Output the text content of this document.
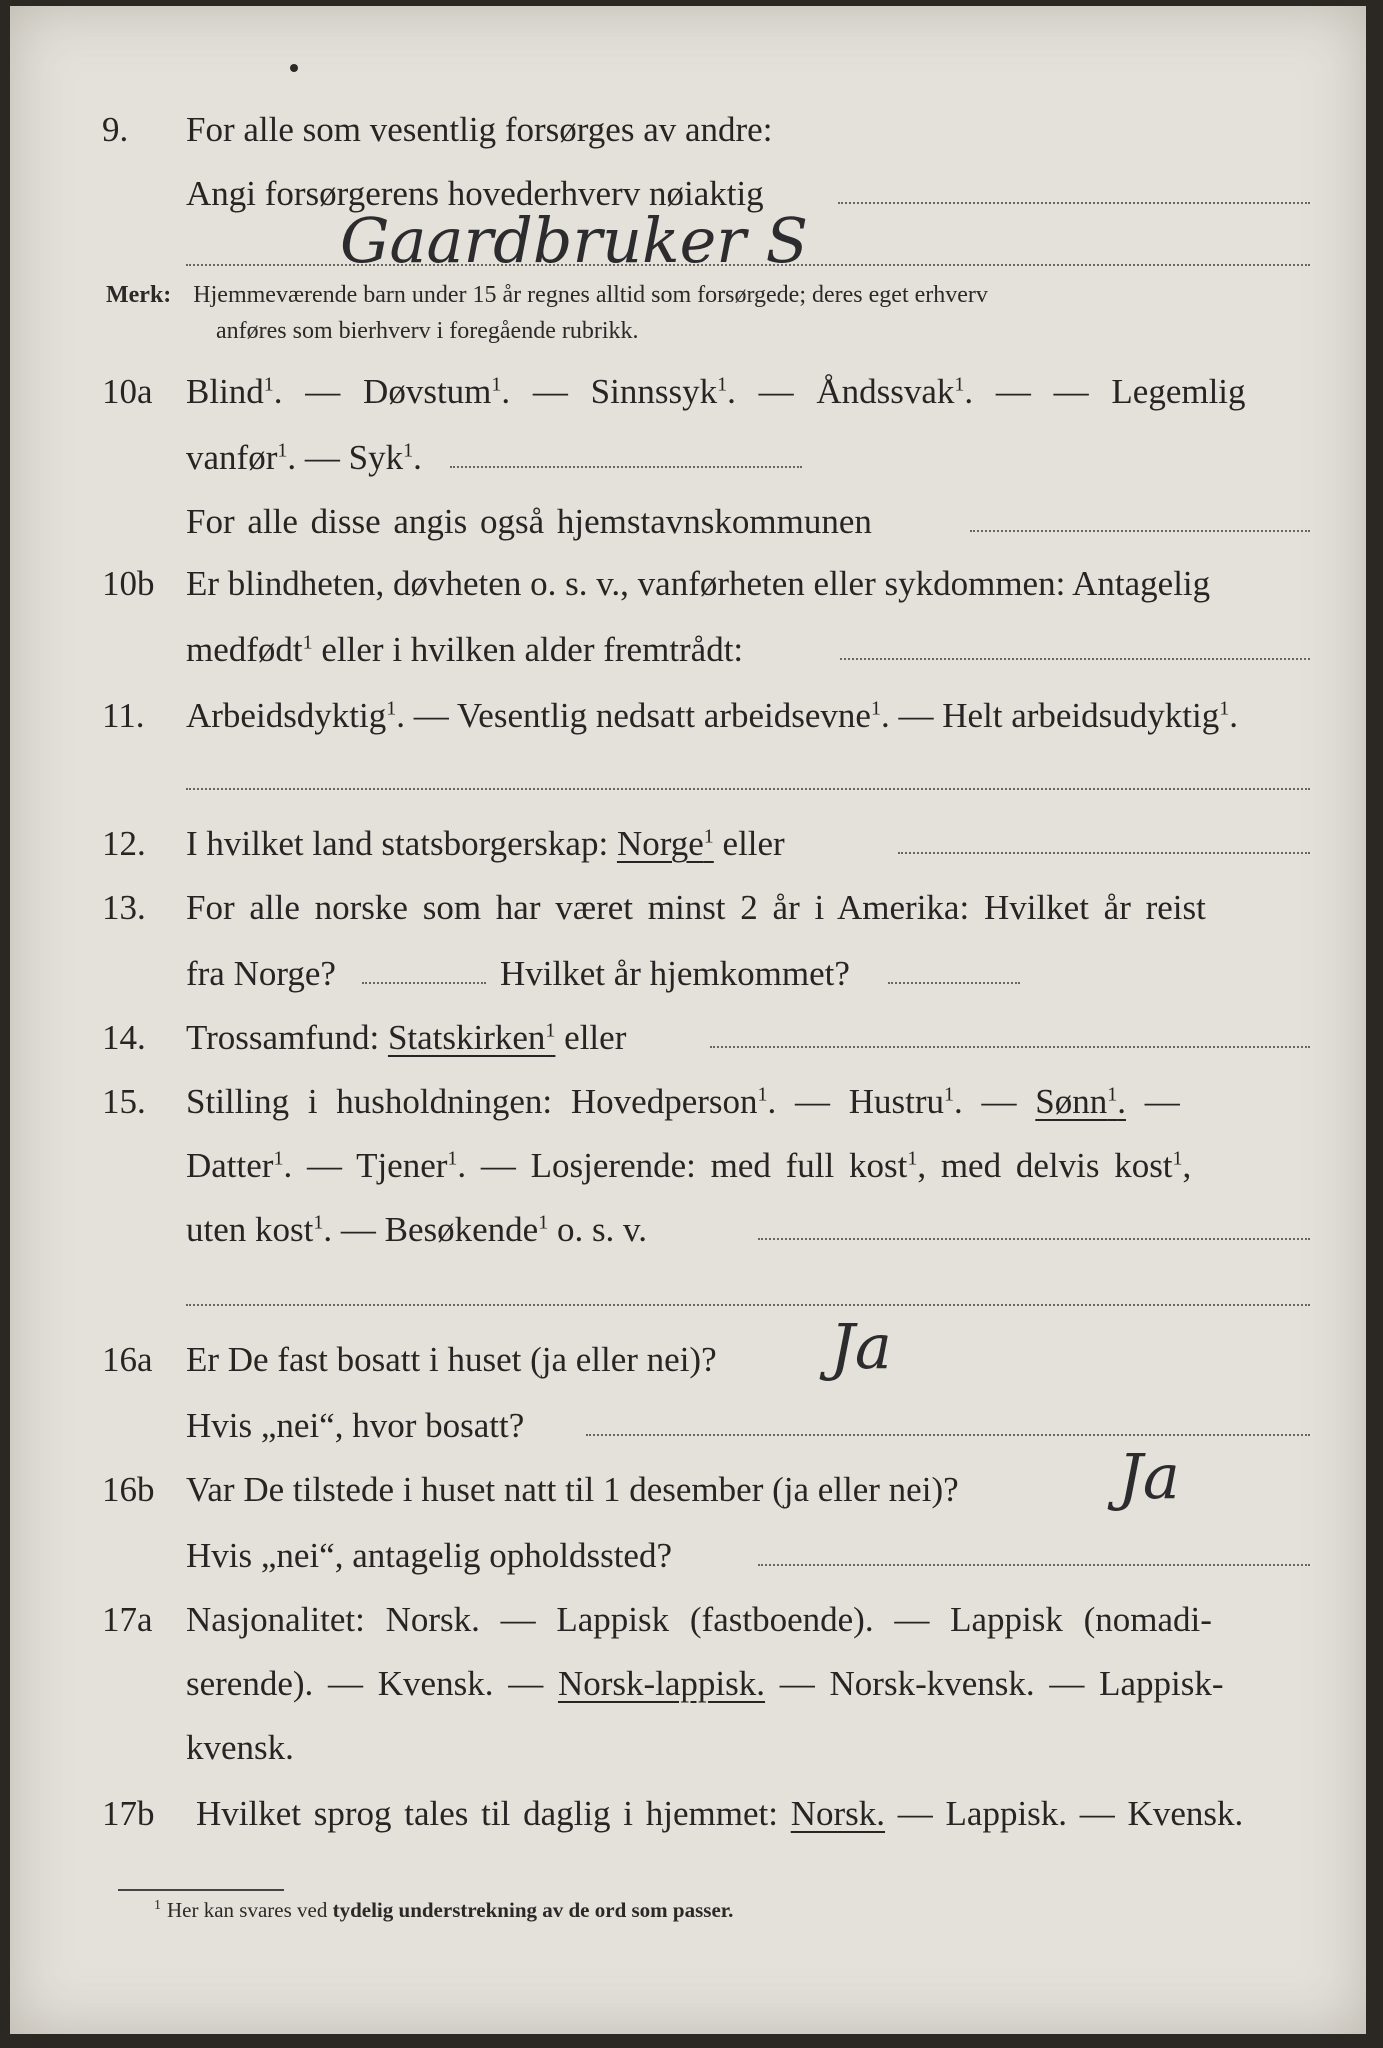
9. For alle som vesentlig forsørges av andre:
Angi forsørgerens hovederhverv nøiaktig
Gaardbruker S
Merk: Hjemmeværende barn under 15 år regnes alltid som forsørgede; deres eget erhverv
anføres som bierhverv i foregående rubrikk.
10a Blind$^1$. — Døvstum$^1$. — Sinnssyk$^1$. — Åndssvak$^1$. — — Legemlig
vanfør$^1$. — Syk$^1$.
For alle disse angis også hjemstavnskommunen
10b Er blindheten, døvheten o. s. v., vanførheten eller sykdommen: Antagelig
medfødt$^1$ eller i hvilken alder fremtrådt:
11. Arbeidsdyktig$^1$. — Vesentlig nedsatt arbeidsevne$^1$. — Helt arbeidsudyktig$^1$.
12. I hvilket land statsborgerskap: Norge$^1$ eller
13. For alle norske som har været minst 2 år i Amerika: Hvilket år reist
fra Norge?	Hvilket år hjemkommet?
14. Trossamfund: Statskirken$^1$ eller
15. Stilling i husholdningen: Hovedperson$^1$. — Hustru$^1$. — Sønn$^1$. —
Datter$^1$. — Tjener$^1$. — Losjerende: med full kost$^1$, med delvis kost$^1$,
uten kost$^1$. — Besøkende$^1$ o. s. v.
16a Er De fast bosatt i huset (ja eller nei)? Ja
Hvis „nei“, hvor bosatt?
16b Var De tilstede i huset natt til 1 desember (ja eller nei)?	Ja
Hvis „nei“, antagelig opholdssted?
17a Nasjonalitet: Norsk. — Lappisk (fastboende). — Lappisk (nomadi-
serende). — Kvensk. — Norsk-lappisk. — Norsk-kvensk. — Lappisk-
kvensk.
17b Hvilket sprog tales til daglig i hjemmet: Norsk. — Lappisk. — Kvensk.
$^1$ Her kan svares ved tydelig understrekning av de ord som passer.
